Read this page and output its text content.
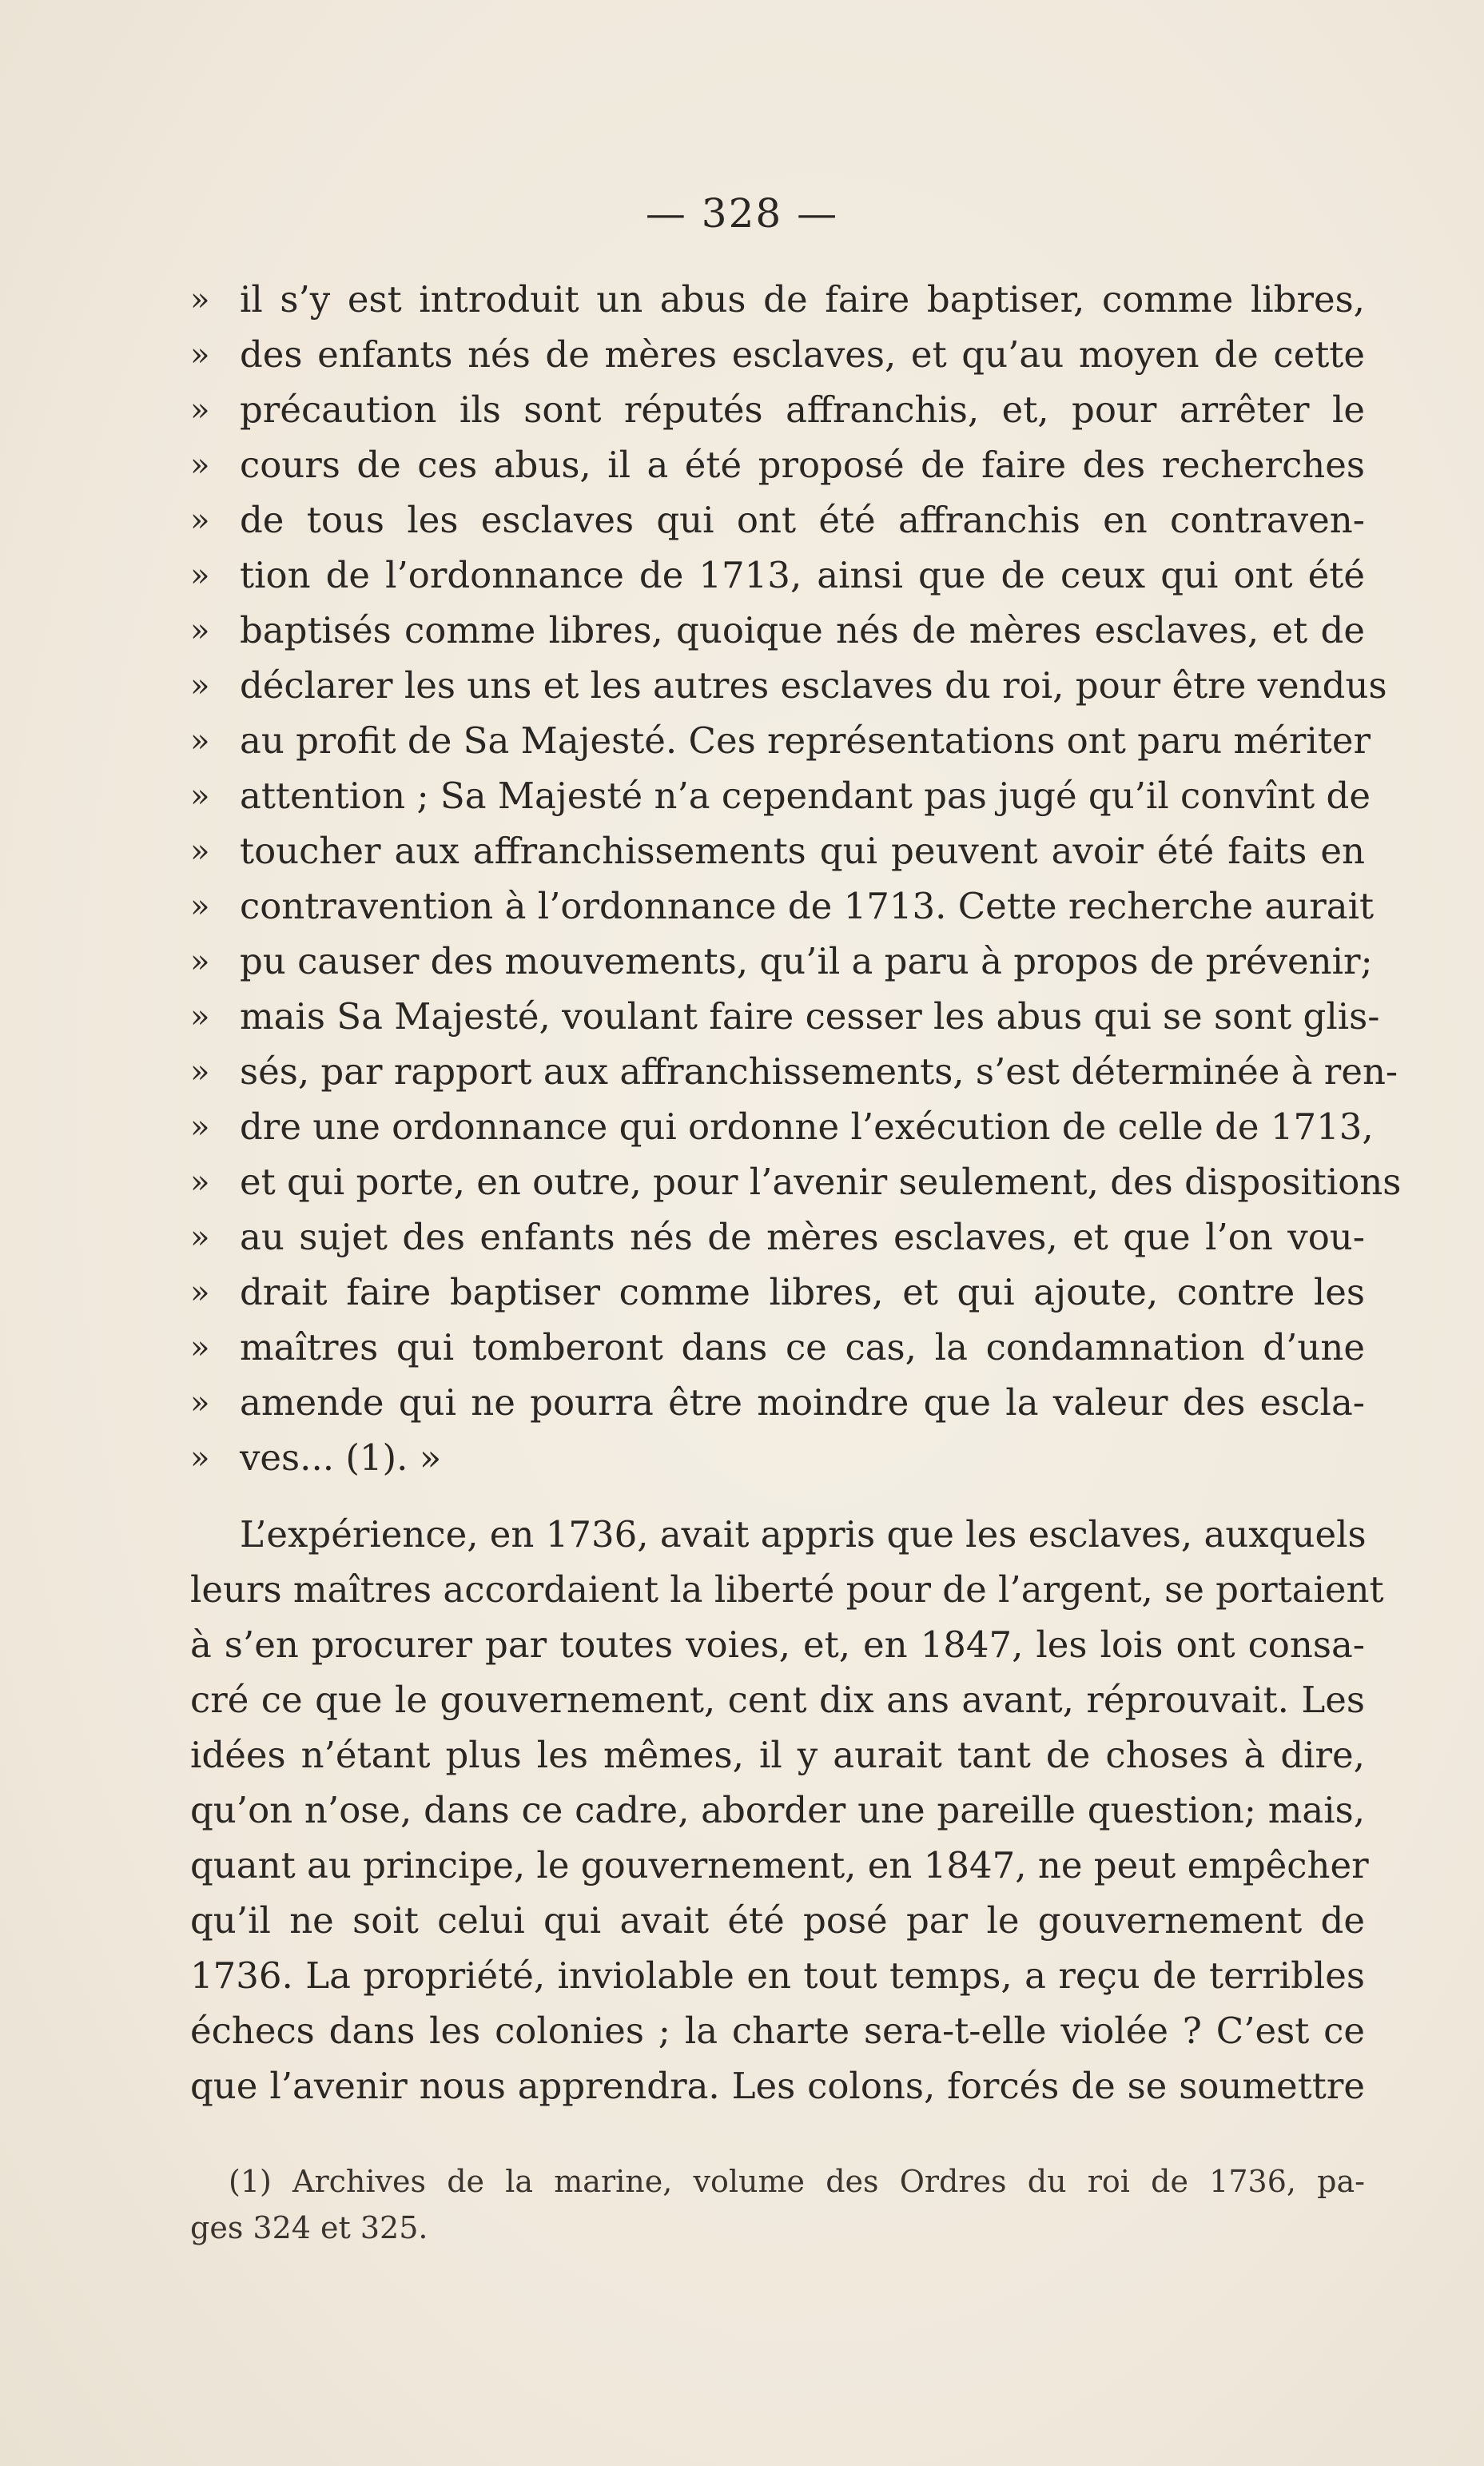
— 328 —
» il s’y est introduit un abus de faire baptiser, comme libres,
» des enfants nés de mères esclaves, et qu’au moyen de cette
» précaution ils sont réputés affranchis, et, pour arrêter le
» cours de ces abus, il a été proposé de faire des recherches
» de tous les esclaves qui ont été affranchis en contraven-
» tion de l’ordonnance de 1713, ainsi que de ceux qui ont été
» baptisés comme libres, quoique nés de mères esclaves, et de
» déclarer les uns et les autres esclaves du roi, pour être vendus
» au profit de Sa Majesté. Ces représentations ont paru mériter
» attention ; Sa Majesté n’a cependant pas jugé qu’il convînt de
» toucher aux affranchissements qui peuvent avoir été faits en
» contravention à l’ordonnance de 1713. Cette recherche aurait
» pu causer des mouvements, qu’il a paru à propos de prévenir;
» mais Sa Majesté, voulant faire cesser les abus qui se sont glis-
» sés, par rapport aux affranchissements, s’est déterminée à ren-
» dre une ordonnance qui ordonne l’exécution de celle de 1713,
» et qui porte, en outre, pour l’avenir seulement, des dispositions
» au sujet des enfants nés de mères esclaves, et que l’on vou-
» drait faire baptiser comme libres, et qui ajoute, contre les
» maîtres qui tomberont dans ce cas, la condamnation d’une
» amende qui ne pourra être moindre que la valeur des escla-
» ves... (1). »
L’expérience, en 1736, avait appris que les esclaves, auxquels
leurs maîtres accordaient la liberté pour de l’argent, se portaient
à s’en procurer par toutes voies, et, en 1847, les lois ont consa-
cré ce que le gouvernement, cent dix ans avant, réprouvait. Les
idées n’étant plus les mêmes, il y aurait tant de choses à dire,
qu’on n’ose, dans ce cadre, aborder une pareille question; mais,
quant au principe, le gouvernement, en 1847, ne peut empêcher
qu’il ne soit celui qui avait été posé par le gouvernement de
1736. La propriété, inviolable en tout temps, a reçu de terribles
échecs dans les colonies ; la charte sera-t-elle violée ? C’est ce
que l’avenir nous apprendra. Les colons, forcés de se soumettre
(1) Archives de la marine, volume des Ordres du roi de 1736, pa-
ges 324 et 325.
